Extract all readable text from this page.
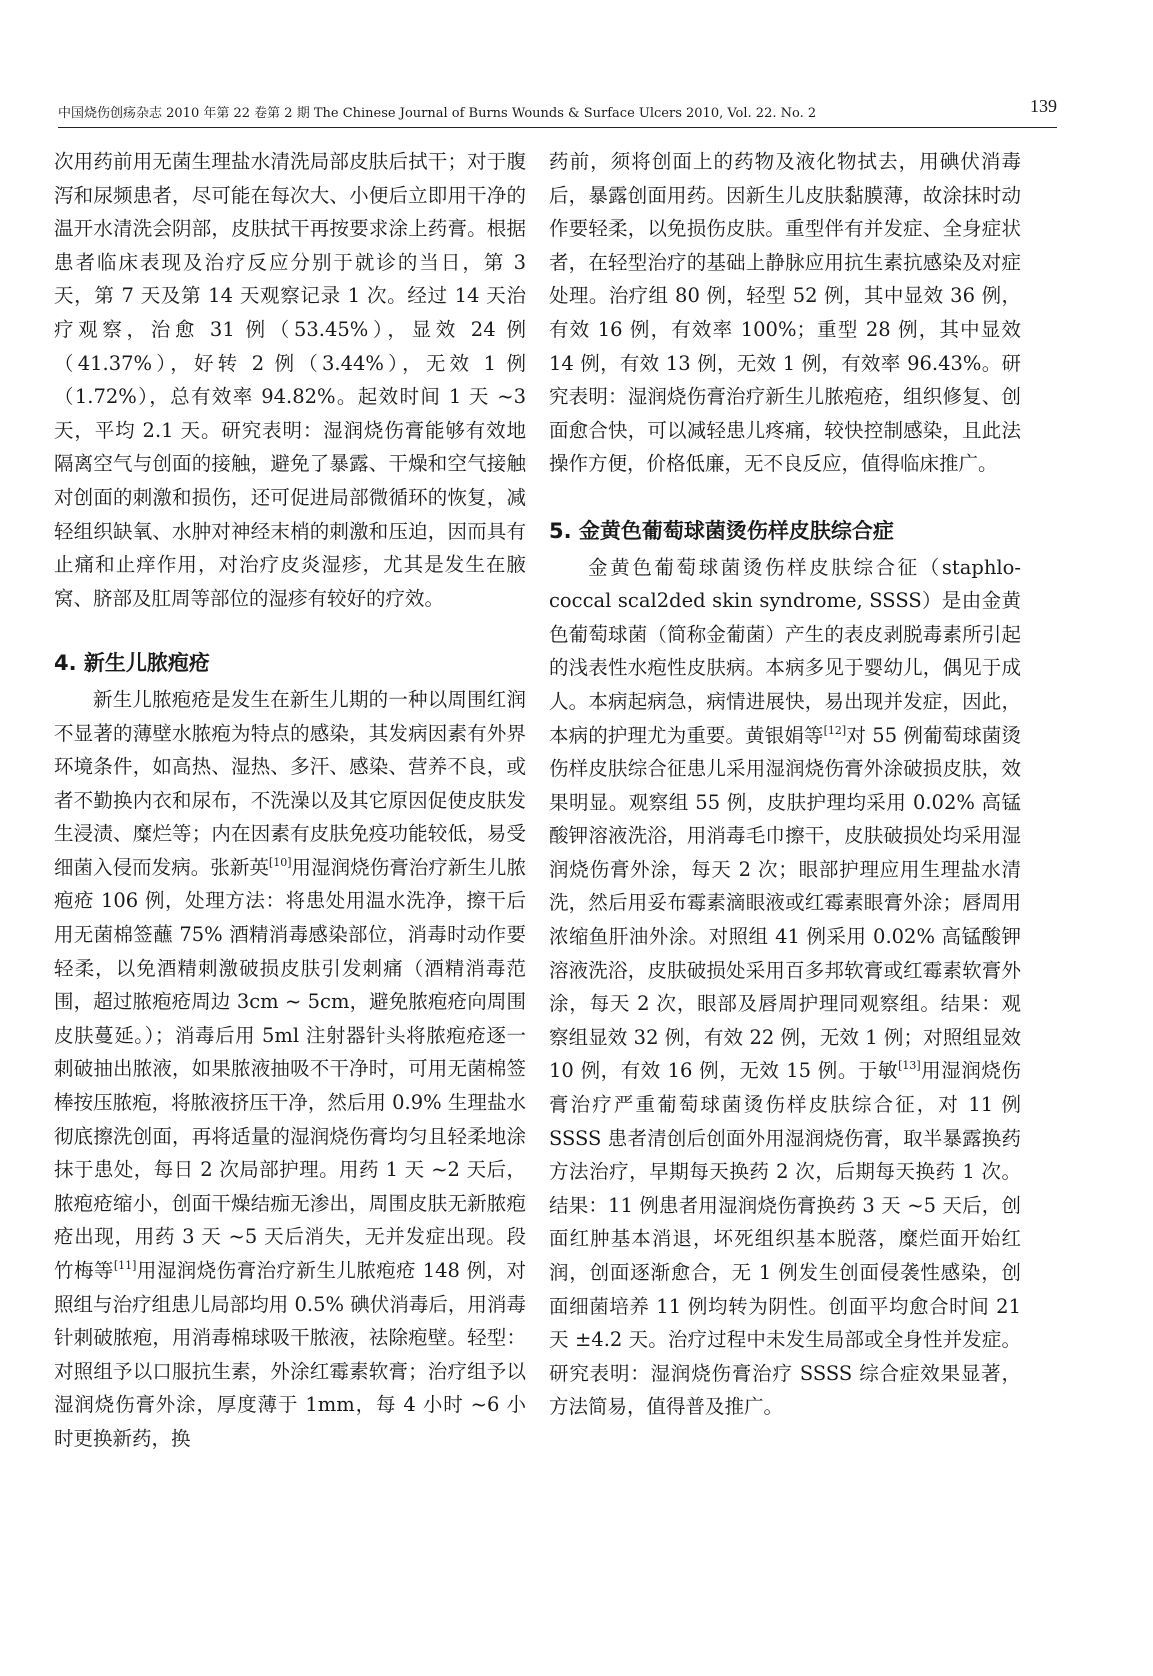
中国烧伤创疡杂志 2010 年第 22 卷第 2 期 The Chinese Journal of Burns Wounds & Surface Ulcers 2010, Vol. 22. No. 2	139

次用药前用无菌生理盐水清洗局部皮肤后拭干；对于腹泻和尿频患者，尽可能在每次大、小便后立即用干净的温开水清洗会阴部，皮肤拭干再按要求涂上药膏。根据患者临床表现及治疗反应分别于就诊的当日，第 3 天，第 7 天及第 14 天观察记录 1 次。经过 14 天治疗观察，治愈 31 例（53.45%），显效 24 例（41.37%），好转 2 例（3.44%），无效 1 例（1.72%），总有效率 94.82%。起效时间 1 天 ~3 天，平均 2.1 天。研究表明：湿润烧伤膏能够有效地隔离空气与创面的接触，避免了暴露、干燥和空气接触对创面的刺激和损伤，还可促进局部微循环的恢复，减轻组织缺氧、水肿对神经末梢的刺激和压迫，因而具有止痛和止痒作用，对治疗皮炎湿疹，尤其是发生在腋窝、脐部及肛周等部位的湿疹有较好的疗效。

4. 新生儿脓疱疮

新生儿脓疱疮是发生在新生儿期的一种以周围红润不显著的薄壁水脓疱为特点的感染，其发病因素有外界环境条件，如高热、湿热、多汗、感染、营养不良，或者不勤换内衣和尿布，不洗澡以及其它原因促使皮肤发生浸渍、糜烂等；内在因素有皮肤免疫功能较低，易受细菌入侵而发病。张新英[10]用湿润烧伤膏治疗新生儿脓疱疮 106 例，处理方法：将患处用温水洗净，擦干后用无菌棉签蘸 75% 酒精消毒感染部位，消毒时动作要轻柔，以免酒精刺激破损皮肤引发刺痛（酒精消毒范围，超过脓疱疮周边 3cm ~ 5cm，避免脓疱疮向周围皮肤蔓延。）；消毒后用 5ml 注射器针头将脓疱疮逐一刺破抽出脓液，如果脓液抽吸不干净时，可用无菌棉签棒按压脓疱，将脓液挤压干净，然后用 0.9% 生理盐水彻底擦洗创面，再将适量的湿润烧伤膏均匀且轻柔地涂抹于患处，每日 2 次局部护理。用药 1 天 ~2 天后，脓疱疮缩小，创面干燥结痂无渗出，周围皮肤无新脓疱疮出现，用药 3 天 ~5 天后消失，无并发症出现。段竹梅等[11]用湿润烧伤膏治疗新生儿脓疱疮 148 例，对照组与治疗组患儿局部均用 0.5% 碘伏消毒后，用消毒针刺破脓疱，用消毒棉球吸干脓液，祛除疱壁。轻型：对照组予以口服抗生素，外涂红霉素软膏；治疗组予以湿润烧伤膏外涂，厚度薄于 1mm，每 4 小时 ~6 小时更换新药，换

药前，须将创面上的药物及液化物拭去，用碘伏消毒后，暴露创面用药。因新生儿皮肤黏膜薄，故涂抹时动作要轻柔，以免损伤皮肤。重型伴有并发症、全身症状者，在轻型治疗的基础上静脉应用抗生素抗感染及对症处理。治疗组 80 例，轻型 52 例，其中显效 36 例，有效 16 例，有效率 100%；重型 28 例，其中显效 14 例，有效 13 例，无效 1 例，有效率 96.43%。研究表明：湿润烧伤膏治疗新生儿脓疱疮，组织修复、创面愈合快，可以减轻患儿疼痛，较快控制感染，且此法操作方便，价格低廉，无不良反应，值得临床推广。

5. 金黄色葡萄球菌烫伤样皮肤综合症

金黄色葡萄球菌烫伤样皮肤综合征（staphlo-coccal scal2ded skin syndrome, SSSS）是由金黄色葡萄球菌（简称金葡菌）产生的表皮剥脱毒素所引起的浅表性水疱性皮肤病。本病多见于婴幼儿，偶见于成人。本病起病急，病情进展快，易出现并发症，因此，本病的护理尤为重要。黄银娟等[12]对 55 例葡萄球菌烫伤样皮肤综合征患儿采用湿润烧伤膏外涂破损皮肤，效果明显。观察组 55 例，皮肤护理均采用 0.02% 高锰酸钾溶液洗浴，用消毒毛巾擦干，皮肤破损处均采用湿润烧伤膏外涂，每天 2 次；眼部护理应用生理盐水清洗，然后用妥布霉素滴眼液或红霉素眼膏外涂；唇周用浓缩鱼肝油外涂。对照组 41 例采用 0.02% 高锰酸钾溶液洗浴，皮肤破损处采用百多邦软膏或红霉素软膏外涂，每天 2 次，眼部及唇周护理同观察组。结果：观察组显效 32 例，有效 22 例，无效 1 例；对照组显效 10 例，有效 16 例，无效 15 例。于敏[13]用湿润烧伤膏治疗严重葡萄球菌烫伤样皮肤综合征，对 11 例 SSSS 患者清创后创面外用湿润烧伤膏，取半暴露换药方法治疗，早期每天换药 2 次，后期每天换药 1 次。结果：11 例患者用湿润烧伤膏换药 3 天 ~5 天后，创面红肿基本消退，坏死组织基本脱落，糜烂面开始红润，创面逐渐愈合，无 1 例发生创面侵袭性感染，创面细菌培养 11 例均转为阴性。创面平均愈合时间 21 天 ±4.2 天。治疗过程中未发生局部或全身性并发症。研究表明：湿润烧伤膏治疗 SSSS 综合症效果显著，方法简易，值得普及推广。
